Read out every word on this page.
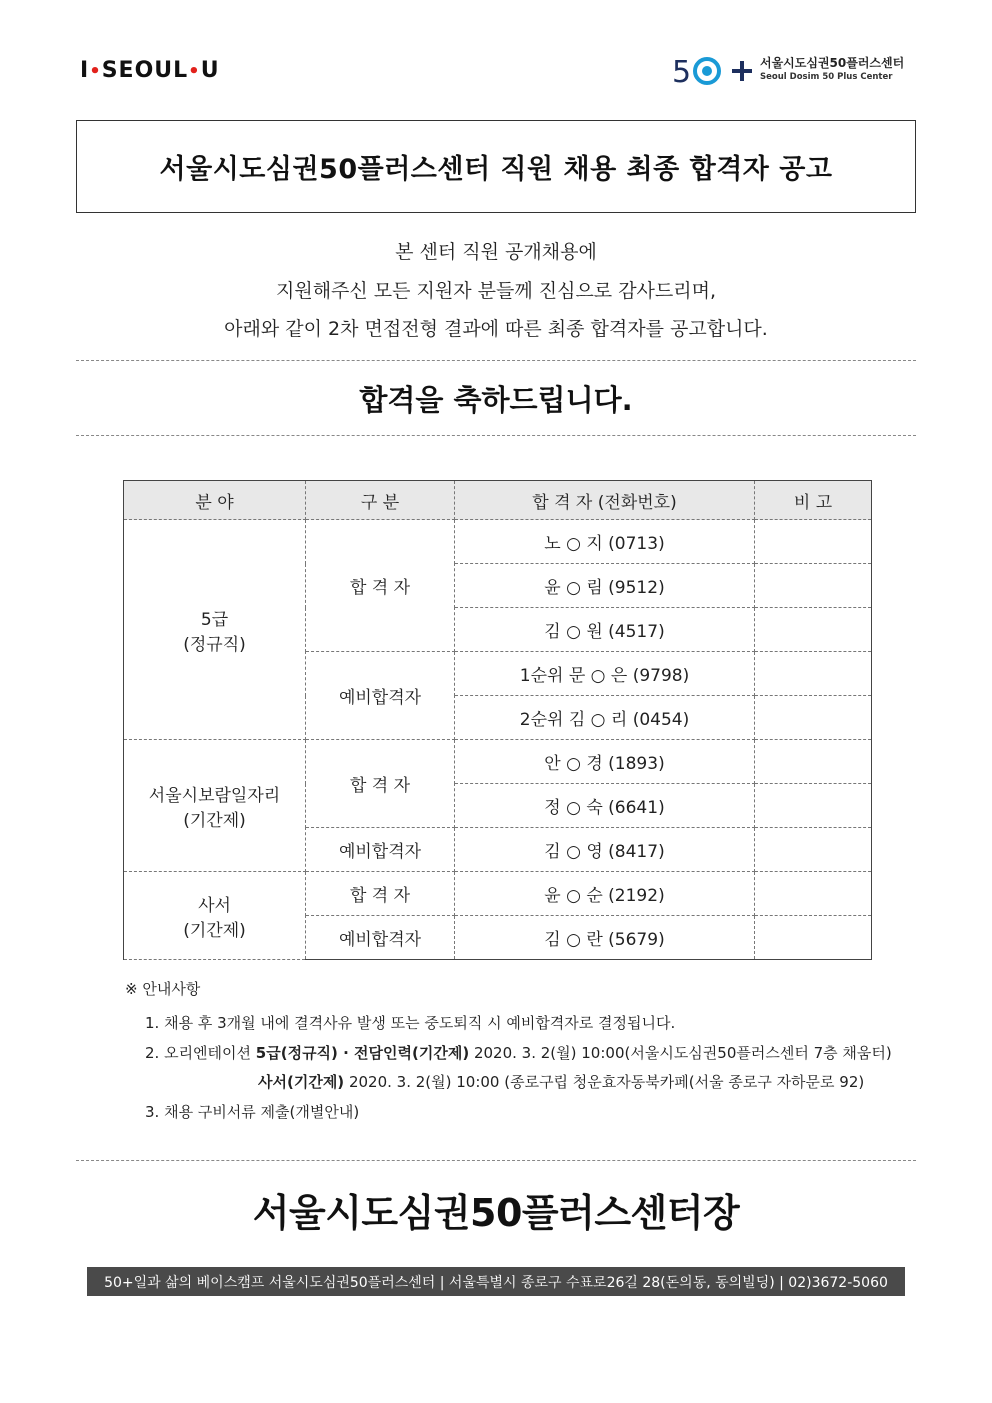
I•SEOUL•U	5	서울시도심권50플러스센터
Seoul Dosim 50 Plus Center
서울시도심권50플러스센터 직원 채용 최종 합격자 공고
본 센터 직원 공개채용에
지원해주신 모든 지원자 분들께 진심으로 감사드리며,
아래와 같이 2차 면접전형 결과에 따른 최종 합격자를 공고합니다.
합격을 축하드립니다.
분 야	구 분	합 격 자 (전화번호)	비 고

5급
(정규직)	합 격 자	노 ○ 지 (0713)	
		윤 ○ 림 (9512)	
		김 ○ 원 (4517)	
	예비합격자	1순위 문 ○ 은 (9798)	
		2순위 김 ○ 리 (0454)	

서울시보람일자리
(기간제)	합 격 자	안 ○ 경 (1893)	
		정 ○ 숙 (6641)	
	예비합격자	김 ○ 영 (8417)	

사서
(기간제)	합 격 자	윤 ○ 순 (2192)	
	예비합격자	김 ○ 란 (5679)	
※ 안내사항
1. 채용 후 3개월 내에 결격사유 발생 또는 중도퇴직 시 예비합격자로 결정됩니다.
2. 오리엔테이션 5급(정규직) · 전담인력(기간제) 2020. 3. 2(월) 10:00(서울시도심권50플러스센터 7층 채움터)
사서(기간제) 2020. 3. 2(월) 10:00 (종로구립 청운효자동북카페(서울 종로구 자하문로 92)
3. 채용 구비서류 제출(개별안내)
서울시도심권50플러스센터장
50+일과 삶의 베이스캠프 서울시도심권50플러스센터 | 서울특별시 종로구 수표로26길 28(돈의동, 동의빌딩) | 02)3672-5060
